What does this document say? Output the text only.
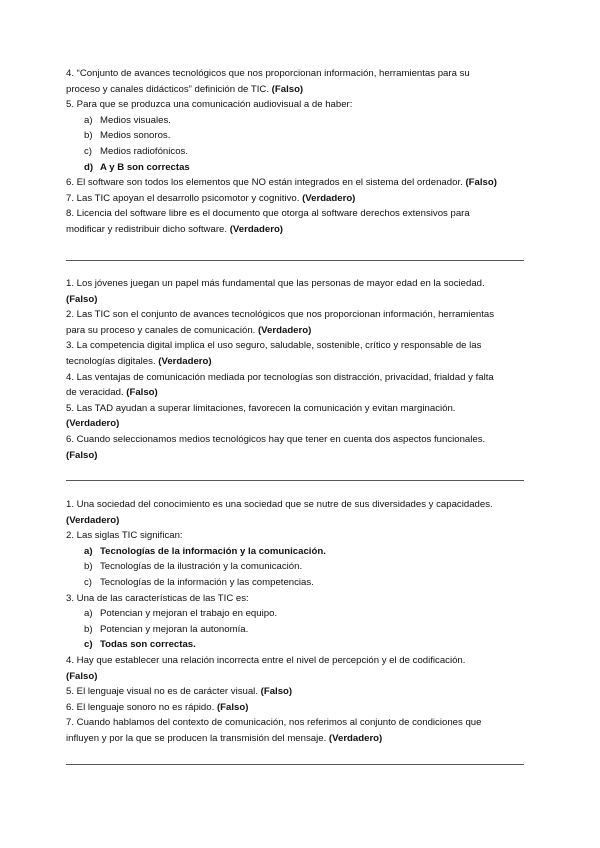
4. “Conjunto de avances tecnológicos que nos proporcionan información, herramientas para su
proceso y canales didácticos” definición de TIC. (Falso)
5. Para que se produzca una comunicación audiovisual a de haber:
a) Medios visuales.
b) Medios sonoros.
c) Medios radiofónicos.
d) A y B son correctas
6. El software son todos los elementos que NO están integrados en el sistema del ordenador. (Falso)
7. Las TIC apoyan el desarrollo psicomotor y cognitivo. (Verdadero)
8. Licencia del software libre es el documento que otorga al software derechos extensivos para
modificar y redistribuir dicho software. (Verdadero)
1. Los jóvenes juegan un papel más fundamental que las personas de mayor edad en la sociedad.
(Falso)
2. Las TIC son el conjunto de avances tecnológicos que nos proporcionan información, herramientas
para su proceso y canales de comunicación. (Verdadero)
3. La competencia digital implica el uso seguro, saludable, sostenible, crítico y responsable de las
tecnologías digitales. (Verdadero)
4. Las ventajas de comunicación mediada por tecnologías son distracción, privacidad, frialdad y falta
de veracidad. (Falso)
5. Las TAD ayudan a superar limitaciones, favorecen la comunicación y evitan marginación.
(Verdadero)
6. Cuando seleccionamos medios tecnológicos hay que tener en cuenta dos aspectos funcionales.
(Falso)
1. Una sociedad del conocimiento es una sociedad que se nutre de sus diversidades y capacidades.
(Verdadero)
2. Las siglas TIC significan:
a) Tecnologías de la información y la comunicación.
b) Tecnologías de la ilustración y la comunicación.
c) Tecnologías de la información y las competencias.
3. Una de las características de las TIC es:
a) Potencian y mejoran el trabajo en equipo.
b) Potencian y mejoran la autonomía.
c) Todas son correctas.
4. Hay que establecer una relación incorrecta entre el nivel de percepción y el de codificación.
(Falso)
5. El lenguaje visual no es de carácter visual. (Falso)
6. El lenguaje sonoro no es rápido. (Falso)
7. Cuando hablamos del contexto de comunicación, nos referimos al conjunto de condiciones que
influyen y por la que se producen la transmisión del mensaje. (Verdadero)
